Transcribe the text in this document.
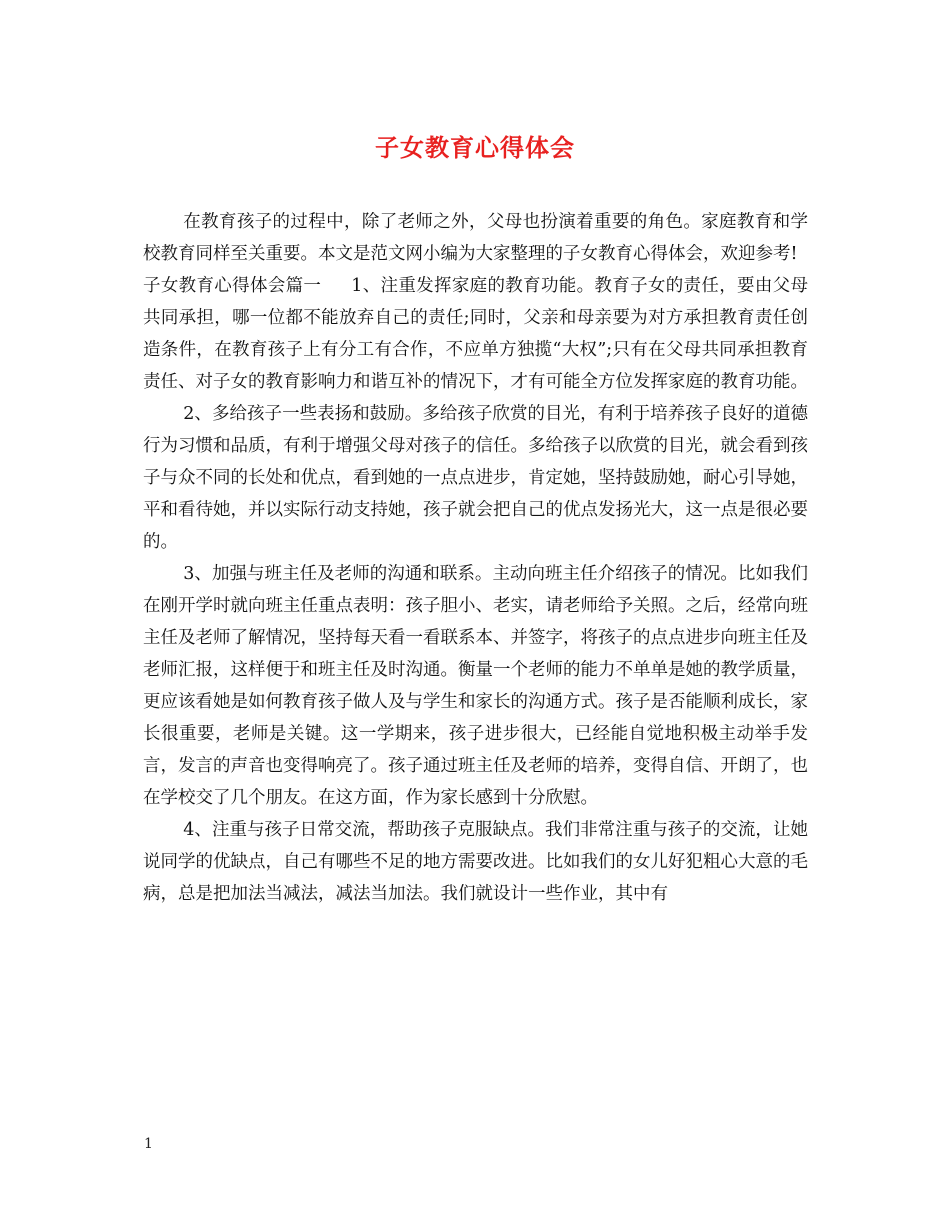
子女教育心得体会

在教育孩子的过程中，除了老师之外，父母也扮演着重要的角色。家庭教育和学校教育同样至关重要。本文是范文网小编为大家整理的子女教育心得体会，欢迎参考!

子女教育心得体会篇一 1、注重发挥家庭的教育功能。教育子女的责任，要由父母共同承担，哪一位都不能放弃自己的责任;同时，父亲和母亲要为对方承担教育责任创造条件，在教育孩子上有分工有合作，不应单方独揽“大权”;只有在父母共同承担教育责任、对子女的教育影响力和谐互补的情况下，才有可能全方位发挥家庭的教育功能。

2、多给孩子一些表扬和鼓励。多给孩子欣赏的目光，有利于培养孩子良好的道德行为习惯和品质，有利于增强父母对孩子的信任。多给孩子以欣赏的目光，就会看到孩子与众不同的长处和优点，看到她的一点点进步，肯定她，坚持鼓励她，耐心引导她，平和看待她，并以实际行动支持她，孩子就会把自己的优点发扬光大，这一点是很必要的。

3、加强与班主任及老师的沟通和联系。主动向班主任介绍孩子的情况。比如我们在刚开学时就向班主任重点表明：孩子胆小、老实，请老师给予关照。之后，经常向班主任及老师了解情况，坚持每天看一看联系本、并签字，将孩子的点点进步向班主任及老师汇报，这样便于和班主任及时沟通。衡量一个老师的能力不单单是她的教学质量，更应该看她是如何教育孩子做人及与学生和家长的沟通方式。孩子是否能顺利成长，家长很重要，老师是关键。这一学期来，孩子进步很大，已经能自觉地积极主动举手发言，发言的声音也变得响亮了。孩子通过班主任及老师的培养，变得自信、开朗了，也在学校交了几个朋友。在这方面，作为家长感到十分欣慰。

4、注重与孩子日常交流，帮助孩子克服缺点。我们非常注重与孩子的交流，让她说同学的优缺点，自己有哪些不足的地方需要改进。比如我们的女儿好犯粗心大意的毛病，总是把加法当减法，减法当加法。我们就设计一些作业，其中有

1
